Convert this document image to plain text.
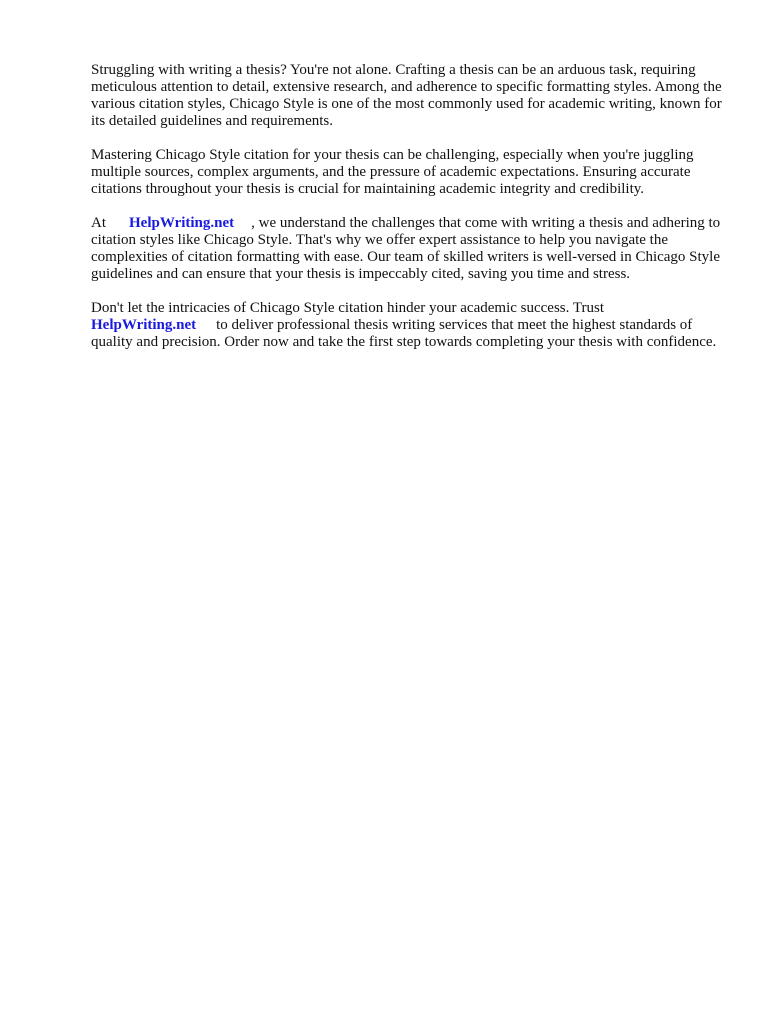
Struggling with writing a thesis? You're not alone. Crafting a thesis can be an arduous task, requiring meticulous attention to detail, extensive research, and adherence to specific formatting styles. Among the various citation styles, Chicago Style is one of the most commonly used for academic writing, known for its detailed guidelines and requirements.

Mastering Chicago Style citation for your thesis can be challenging, especially when you're juggling multiple sources, complex arguments, and the pressure of academic expectations. Ensuring accurate citations throughout your thesis is crucial for maintaining academic integrity and credibility.

At HelpWriting.net , we understand the challenges that come with writing a thesis and adhering to citation styles like Chicago Style. That's why we offer expert assistance to help you navigate the complexities of citation formatting with ease. Our team of skilled writers is well-versed in Chicago Style guidelines and can ensure that your thesis is impeccably cited, saving you time and stress.

Don't let the intricacies of Chicago Style citation hinder your academic success. Trust HelpWriting.net to deliver professional thesis writing services that meet the highest standards of quality and precision. Order now and take the first step towards completing your thesis with confidence.
